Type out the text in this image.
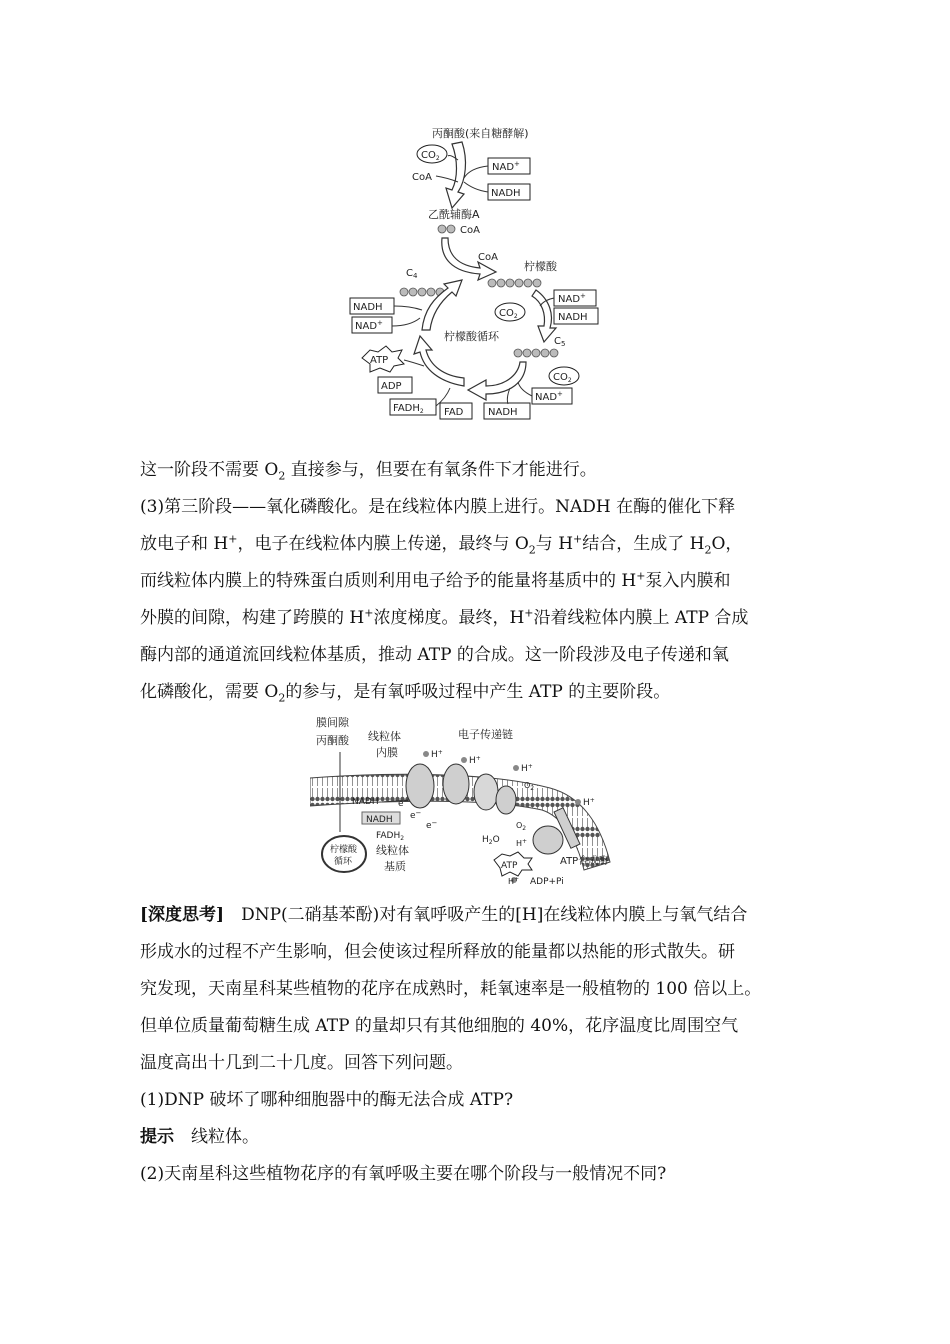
丙酮酸(来自糖酵解)
$CO_2$
NAD+
NADH
CoA
乙酰辅酶A
CoA
CoA
柠檬酸
NAD+
$CO_2$	NADH
$C_5$
$CO_2$
NAD+
NADH
FAD
$FADH_2$
ADP
ATP
$C_4$
NADH
NAD+
柠檬酸循环
这一阶段不需要 $O_2$ 直接参与，但要在有氧条件下才能进行。
(3)第三阶段——氧化磷酸化。是在线粒体内膜上进行。NADH 在酶的催化下释
放电子和 H+，电子在线粒体内膜上传递，最终与 $O_2$与 H+结合，生成了 $H_2O$，
而线粒体内膜上的特殊蛋白质则利用电子给予的能量将基质中的 H+泵入内膜和
外膜的间隙，构建了跨膜的 H+浓度梯度。最终，H+沿着线粒体内膜上 ATP 合成
酶内部的通道流回线粒体基质，推动 ATP 的合成。这一阶段涉及电子传递和氧
化磷酸化，需要 $O_2$的参与，是有氧呼吸过程中产生 ATP 的主要阶段。
膜间隙
丙酮酸 线粒体
内膜
电子传递链
H+
H+
H+
H+
$O_2$
NADH e−
NADH e−
$FADH_2$
e−
柠檬酸
循环
线粒体
基质
$O_2$
$H_2O$ H+
ATP	ATP合成酶
H+ ADP+Pi
[深度思考]　DNP(二硝基苯酚)对有氧呼吸产生的[H]在线粒体内膜上与氧气结合
形成水的过程不产生影响，但会使该过程所释放的能量都以热能的形式散失。研
究发现，天南星科某些植物的花序在成熟时，耗氧速率是一般植物的 100 倍以上。
但单位质量葡萄糖生成 ATP 的量却只有其他细胞的 40%，花序温度比周围空气
温度高出十几到二十几度。回答下列问题。
(1)DNP 破坏了哪种细胞器中的酶无法合成 ATP?
提示　线粒体。
(2)天南星科这些植物花序的有氧呼吸主要在哪个阶段与一般情况不同?
